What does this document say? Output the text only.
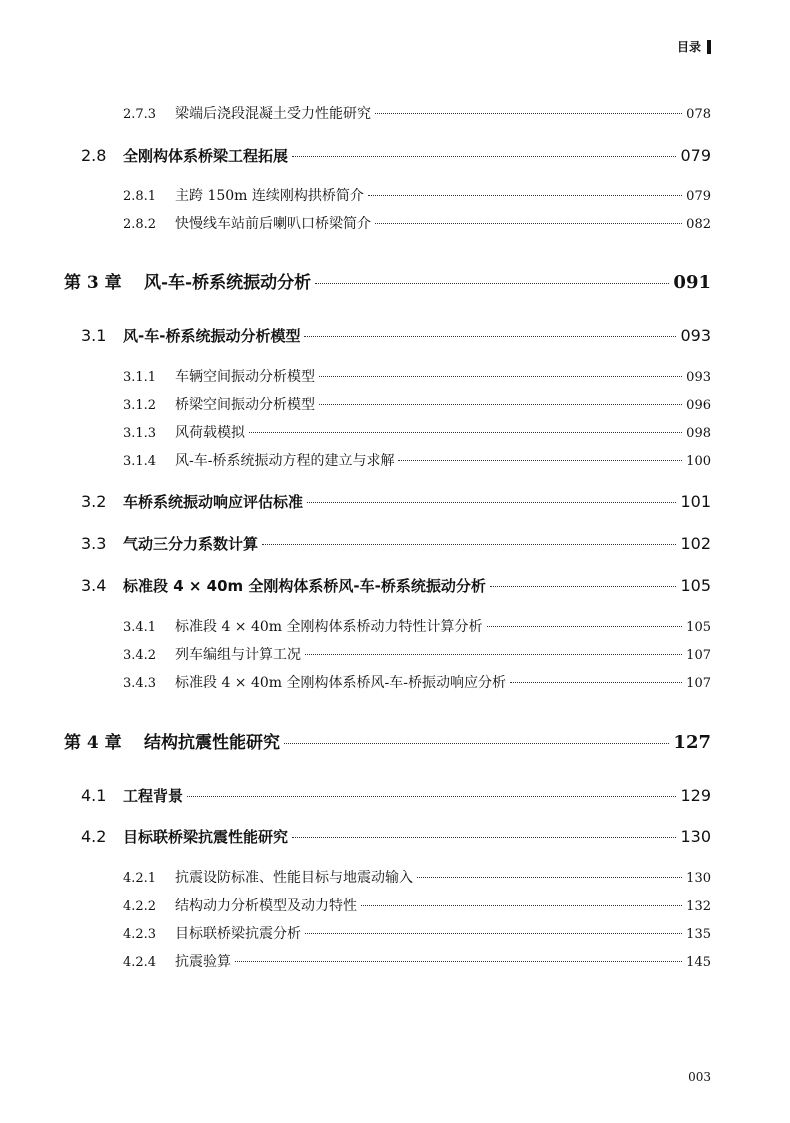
目录
2.7.3	梁端后浇段混凝土受力性能研究	078
2.8	全刚构体系桥梁工程拓展	079
2.8.1	主跨 150m 连续刚构拱桥简介	079
2.8.2	快慢线车站前后喇叭口桥梁简介	082
第 3 章	风-车-桥系统振动分析	091
3.1	风-车-桥系统振动分析模型	093
3.1.1	车辆空间振动分析模型	093
3.1.2	桥梁空间振动分析模型	096
3.1.3	风荷载模拟	098
3.1.4	风-车-桥系统振动方程的建立与求解	100
3.2	车桥系统振动响应评估标准	101
3.3	气动三分力系数计算	102
3.4	标准段 4 × 40m 全刚构体系桥风-车-桥系统振动分析	105
3.4.1	标准段 4 × 40m 全刚构体系桥动力特性计算分析	105
3.4.2	列车编组与计算工况	107
3.4.3	标准段 4 × 40m 全刚构体系桥风-车-桥振动响应分析	107
第 4 章	结构抗震性能研究	127
4.1	工程背景	129
4.2	目标联桥梁抗震性能研究	130
4.2.1	抗震设防标准、性能目标与地震动输入	130
4.2.2	结构动力分析模型及动力特性	132
4.2.3	目标联桥梁抗震分析	135
4.2.4	抗震验算	145
003
